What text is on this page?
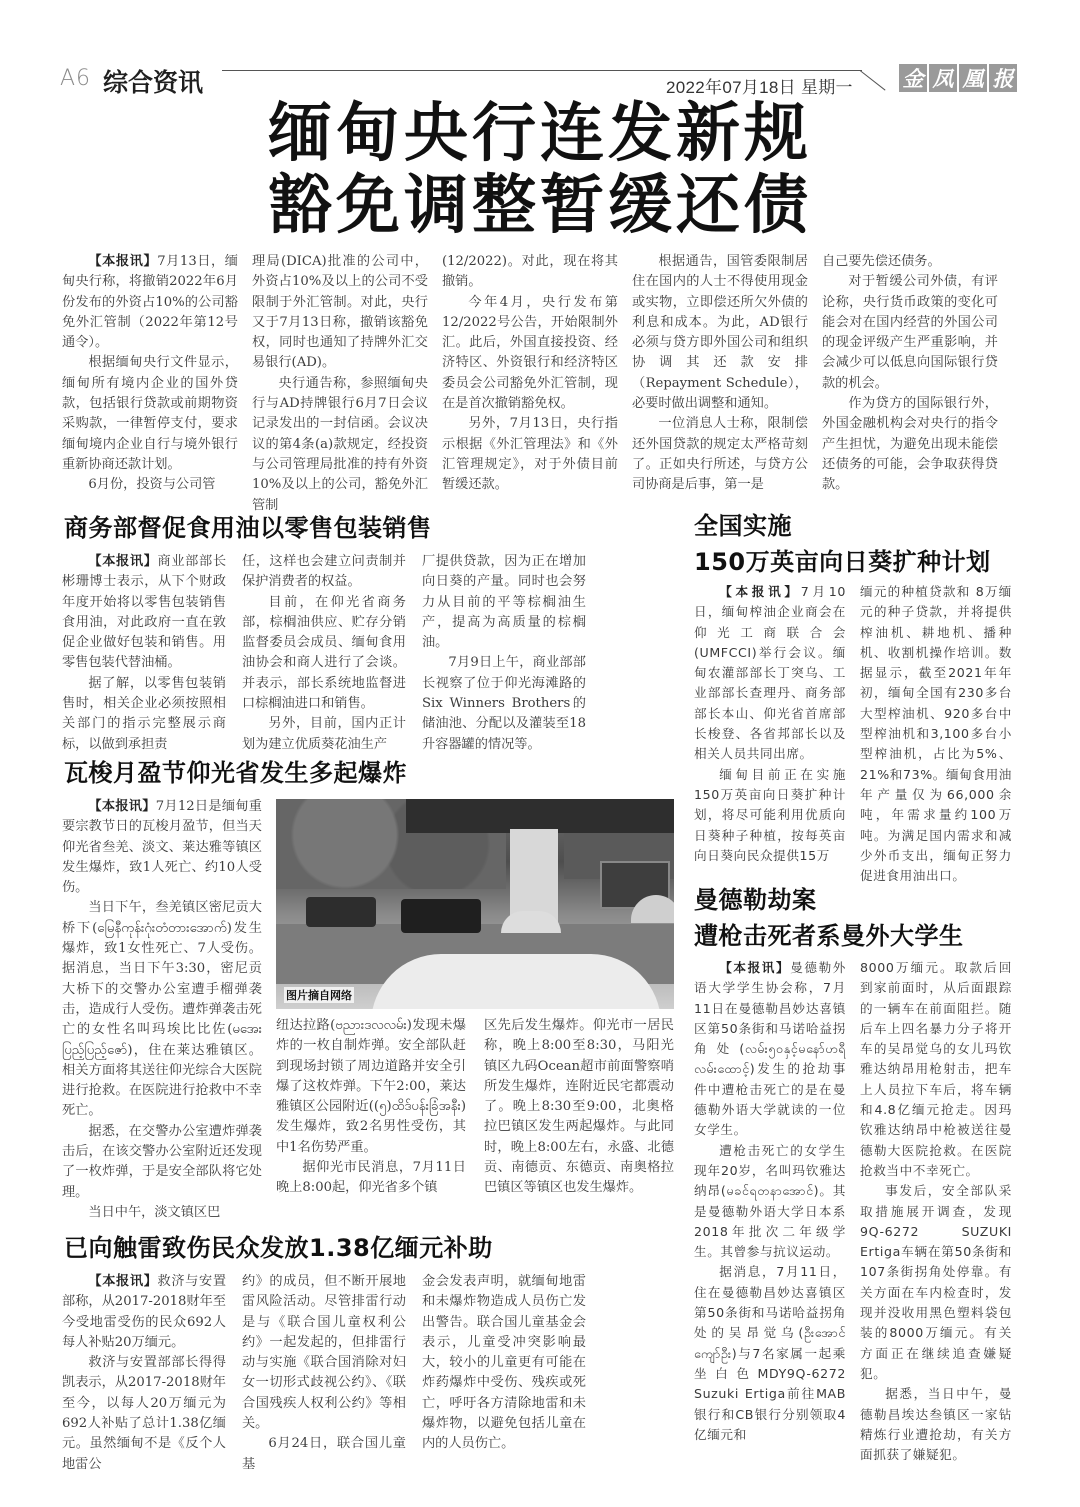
A6 综合资讯	2022年07月18日 星期一 金 凤 凰 报
缅甸央行连发新规
豁免调整暂缓还债

【本报讯】7月13日，缅甸央行称，将撤销2022年6月份发布的外资占10%的公司豁免外汇管制（2022年第12号通令）。

根据缅甸央行文件显示，缅甸所有境内企业的国外贷款，包括银行贷款或前期物资采购款，一律暂停支付，要求缅甸境内企业自行与境外银行重新协商还款计划。

6月份，投资与公司管

理局(DICA)批准的公司中，外资占10%及以上的公司不受限制于外汇管制。对此，央行又于7月13日称，撤销该豁免权，同时也通知了持牌外汇交易银行(AD)。

央行通告称，参照缅甸央行与AD持牌银行6月7日会议记录发出的一封信函。会议决议的第4条(a)款规定，经投资与公司管理局批准的持有外资10%及以上的公司，豁免外汇管制

(12/2022)。对此，现在将其撤销。

今年4月，央行发布第12/2022号公告，开始限制外汇。此后，外国直接投资、经济特区、外资银行和经济特区委员会公司豁免外汇管制，现在是首次撤销豁免权。

另外，7月13日，央行指示根据《外汇管理法》和《外汇管理规定》，对于外债目前暂缓还款。

根据通告，国管委限制居住在国内的人士不得使用现金或实物，立即偿还所欠外债的利息和成本。为此，AD银行必须与贷方即外国公司和组织协调其还款安排（Repayment Schedule），必要时做出调整和通知。

一位消息人士称，限制偿还外国贷款的规定太严格苛刻了。正如央行所述，与贷方公司协商是后事，第一是

自己要先偿还债务。

对于暂缓公司外债，有评论称，央行货币政策的变化可能会对在国内经营的外国公司的现金评级产生严重影响，并会减少可以低息向国际银行贷款的机会。

作为贷方的国际银行外，外国金融机构会对央行的指令产生担忧，为避免出现未能偿还债务的可能，会争取获得贷款。

商务部督促食用油以零售包装销售

【本报讯】商业部部长彬珊博士表示，从下个财政年度开始将以零售包装销售食用油，对此政府一直在敦促企业做好包装和销售。用零售包装代替油桶。

据了解，以零售包装销售时，相关企业必须按照相关部门的指示完整展示商标，以做到承担责

任，这样也会建立问责制并保护消费者的权益。

目前，在仰光省商务部，棕榈油供应、贮存分销监督委员会成员、缅甸食用油协会和商人进行了会谈。并表示，部长系统地监督进口棕榈油进口和销售。

另外，目前，国内正计划为建立优质葵花油生产

厂提供贷款，因为正在增加向日葵的产量。同时也会努力从目前的平等棕榈油生产，提高为高质量的棕榈油。

7月9日上午，商业部部长视察了位于仰光海滩路的Six Winners Brothers的储油池、分配以及灌装至18升容器罐的情况等。

全国实施
150万英亩向日葵扩种计划

【本报讯】7月10日，缅甸榨油企业商会在仰光工商联合会(UMFCCI)举行会议。缅甸农灌部部长丁突乌、工业部部长查理丹、商务部部长本山、仰光省首席部长梭登、各省邦部长以及相关人员共同出席。

缅甸目前正在实施150万英亩向日葵扩种计划，将尽可能利用优质向日葵种子种植，按每英亩向日葵向民众提供15万

缅元的种植贷款和 8万缅元的种子贷款，并将提供榨油机、耕地机、播种机、收割机操作培训。数据显示，截至2021年年初，缅甸全国有230多台大型榨油机、920多台中型榨油机和3,100多台小型榨油机，占比为5%、21%和73%。缅甸食用油年产量仅为66,000余吨，年需求量约100万吨。为满足国内需求和减少外币支出，缅甸正努力促进食用油出口。

瓦梭月盈节仰光省发生多起爆炸

【本报讯】7月12日是缅甸重要宗教节日的瓦梭月盈节，但当天仰光省叁羌、淡文、莱达雅等镇区发生爆炸，致1人死亡、约10人受伤。

当日下午，叁羌镇区密尼贡大桥下(မြေနီကုန်းဂုံးတံတားအောက်)发生爆炸，致1女性死亡、7人受伤。据消息，当日下午3:30，密尼贡大桥下的交警办公室遭手榴弹袭击，造成行人受伤。遭炸弹袭击死亡的女性名叫玛埃比比佐(မအေးပြည့်ပြည့်ဇော်)，住在莱达雅镇区。相关方面将其送往仰光综合大医院进行抢救。在医院进行抢救中不幸死亡。

据悉，在交警办公室遭炸弹袭击后，在该交警办公室附近还发现了一枚炸弹，于是安全部队将它处理。

当日中午，淡文镇区巴

图片摘自网络

纽达拉路(ဗညားဒလလမ်း)发现未爆炸的一枚自制炸弹。安全部队赶到现场封锁了周边道路并安全引爆了这枚炸弹。下午2:00，莱达雅镇区公园附近((၅)ထိဒ်ပန်းခြံအနီး)发生爆炸，致2名男性受伤，其中1名伤势严重。

据仰光市民消息，7月11日晚上8:00起，仰光省多个镇

区先后发生爆炸。仰光市一居民称，晚上8:00至8:30，马阳光镇区九码Ocean超市前面警察哨所发生爆炸，连附近民宅都震动了。晚上8:30至9:00，北奥格拉巴镇区发生两起爆炸。与此同时，晚上8:00左右，永盛、北德贡、南德贡、东德贡、南奥格拉巴镇区等镇区也发生爆炸。

曼德勒劫案
遭枪击死者系曼外大学生

【本报讯】曼德勒外语大学学生协会称，7月11日在曼德勒昌妙达喜镇区第50条街和马诺哈益拐角处(လမ်း၅၀နှင့်မနော်ဟရီလမ်းထောင့်)发生的抢劫事件中遭枪击死亡的是在曼德勒外语大学就读的一位女学生。

遭枪击死亡的女学生现年20岁，名叫玛钦雅达纳昂(မခင်ရတနာအောင်)。其是曼德勒外语大学日本系2018年批次二年级学生。其曾参与抗议运动。

据消息，7月11日，住在曼德勒昌妙达喜镇区第50条街和马诺哈益拐角处的吴昂觉乌(ဦးအောင်ကျော်ဦး)与7名家属一起乘坐白色MDY9Q-6272 Suzuki Ertiga前往MAB银行和CB银行分别领取4亿缅元和

8000万缅元。取款后回到家前面时，从后面跟踪的一辆车在前面阻拦。随后车上四名暴力分子将开车的吴昂觉乌的女儿玛钦雅达纳昂用枪射击，把车上人员拉下车后，将车辆和4.8亿缅元抢走。因玛钦雅达纳昂中枪被送往曼德勒大医院抢救。在医院抢救当中不幸死亡。

事发后，安全部队采取措施展开调查，发现9Q-6272 SUZUKI Ertiga车辆在第50条街和107条街拐角处停靠。有关方面在车内检查时，发现并没收用黑色塑料袋包装的8000万缅元。有关方面正在继续追查嫌疑犯。

据悉，当日中午，曼德勒昌埃达叁镇区一家钻精炼行业遭抢劫，有关方面抓获了嫌疑犯。

已向触雷致伤民众发放1.38亿缅元补助

【本报讯】救济与安置部称，从2017-2018财年至今受地雷受伤的民众692人每人补贴20万缅元。

救济与安置部部长得得凯表示，从2017-2018财年至今，以每人20万缅元为692人补贴了总计1.38亿缅元。虽然缅甸不是《反个人地雷公

约》的成员，但不断开展地雷风险活动。尽管排雷行动是与《联合国儿童权利公约》一起发起的，但排雷行动与实施《联合国消除对妇女一切形式歧视公约》、《联合国残疾人权利公约》等相关。

6月24日，联合国儿童基

金会发表声明，就缅甸地雷和未爆炸物造成人员伤亡发出警告。联合国儿童基金会表示，儿童受冲突影响最大，较小的儿童更有可能在炸药爆炸中受伤、残疾或死亡，呼吁各方清除地雷和未爆炸物，以避免包括儿童在内的人员伤亡。
